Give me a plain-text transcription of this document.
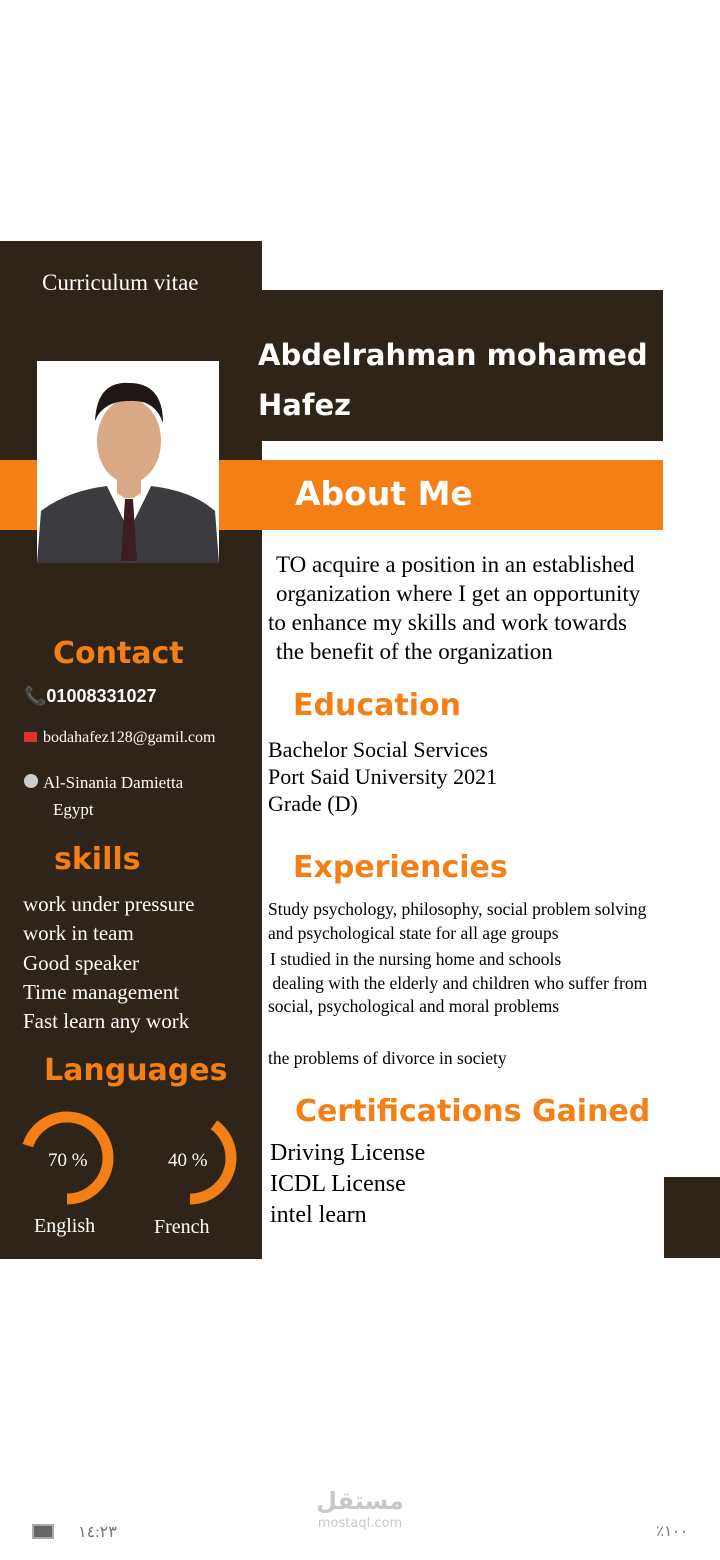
Curriculum vitae
Abdelrahman mohamed
Hafez
About Me
TO acquire a position in an established
organization where I get an opportunity
to enhance my skills and work towards
the benefit of the organization
Contact
📞01008331027
bodahafez128@gamil.com
Al-Sinania Damietta
Egypt
skills
work under pressure
work in team
Good speaker
Time management
Fast learn any work
Languages
70 %	40 %
English	French
Education
Bachelor Social Services
Port Said University 2021
Grade (D)
Experiencies
Study psychology, philosophy, social problem solving
and psychological state for all age groups
I studied in the nursing home and schools
dealing with the elderly and children who suffer from
social, psychological and moral problems
the problems of divorce in society
Certifications Gained
Driving License
ICDL License
intel learn
مستقل
mostaql.com
١٤:٢٣	٪١٠٠
